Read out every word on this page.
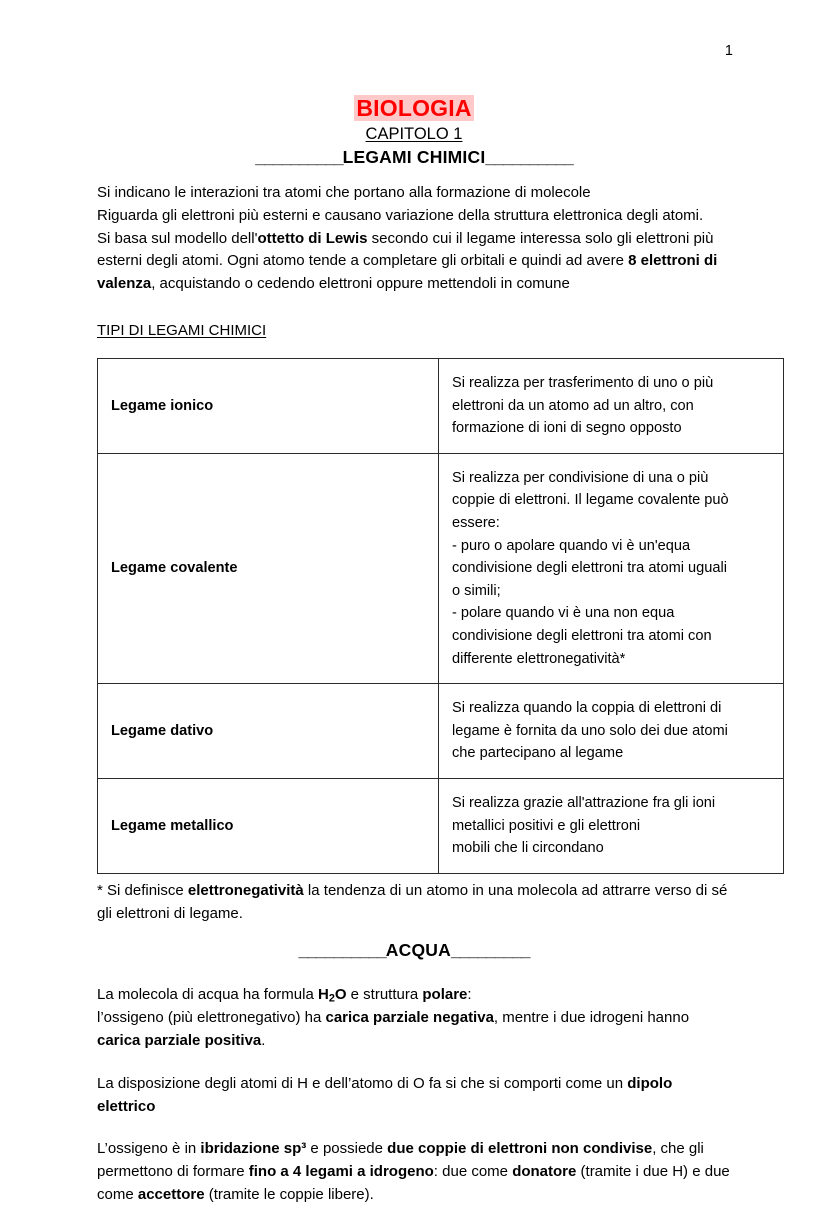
1
BIOLOGIA
CAPITOLO 1
__________LEGAMI CHIMICI__________

Si indicano le interazioni tra atomi che portano alla formazione di molecole
Riguarda gli elettroni più esterni e causano variazione della struttura elettronica degli atomi.
Si basa sul modello dell'ottetto di Lewis secondo cui il legame interessa solo gli elettroni più esterni degli atomi. Ogni atomo tende a completare gli orbitali e quindi ad avere 8 elettroni di valenza, acquistando o cedendo elettroni oppure mettendoli in comune

TIPI DI LEGAMI CHIMICI
Legame ionico	Si realizza per trasferimento di uno o più
elettroni da un atomo ad un altro, con
formazione di ioni di segno opposto

Legame covalente	
Si realizza per condivisione di una o più
coppie di elettroni. Il legame covalente può
essere:
- puro o apolare quando vi è un'equa
condivisione degli elettroni tra atomi uguali
o simili;
- polare quando vi è una non equa
condivisione degli elettroni tra atomi con
differente elettronegatività*

Legame dativo	Si realizza quando la coppia di elettroni di
legame è fornita da uno solo dei due atomi
che partecipano al legame

Legame metallico	Si realizza grazie all'attrazione fra gli ioni
metallici positivi e gli elettroni
mobili che li circondano

* Si definisce elettronegatività la tendenza di un atomo in una molecola ad attrarre verso di sé gli elettroni di legame.

__________ACQUA_________

La molecola di acqua ha formula $H_2O$ e struttura polare:
l’ossigeno (più elettronegativo) ha carica parziale negativa, mentre i due idrogeni hanno carica parziale positiva.

La disposizione degli atomi di H e dell’atomo di O fa si che si comporti come un dipolo elettrico

L’ossigeno è in ibridazione sp³ e possiede due coppie di elettroni non condivise, che gli permettono di formare fino a 4 legami a idrogeno: due come donatore (tramite i due H) e due come accettore (tramite le coppie libere).
